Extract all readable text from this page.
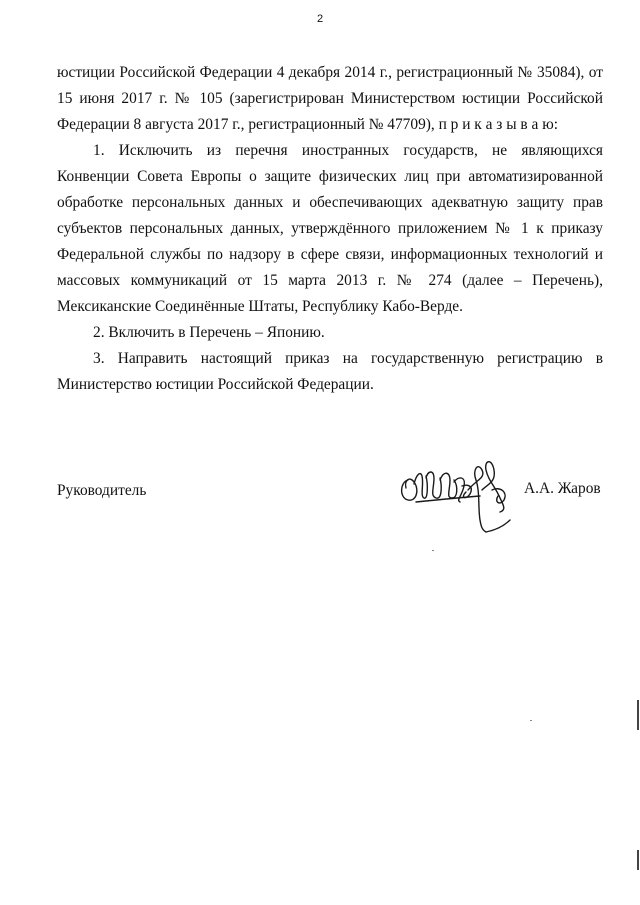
2
юстиции Российской Федерации 4 декабря 2014 г., регистрационный № 35084), от
15 июня 2017 г. № 105 (зарегистрирован Министерством юстиции Российской
Федерации 8 августа 2017 г., регистрационный № 47709), п р и к а з ы в а ю:
1. Исключить из перечня иностранных государств, не являющихся
Конвенции Совета Европы о защите физических лиц при автоматизированной
обработке персональных данных и обеспечивающих адекватную защиту прав
субъектов персональных данных, утверждённого приложением № 1 к приказу
Федеральной службы по надзору в сфере связи, информационных технологий и
массовых коммуникаций от 15 марта 2013 г. № 274 (далее – Перечень),
Мексиканские Соединённые Штаты, Республику Кабо-Верде.
2. Включить в Перечень – Японию.
3. Направить настоящий приказ на государственную регистрацию в
Министерство юстиции Российской Федерации.
Руководитель	А.А. Жаров
